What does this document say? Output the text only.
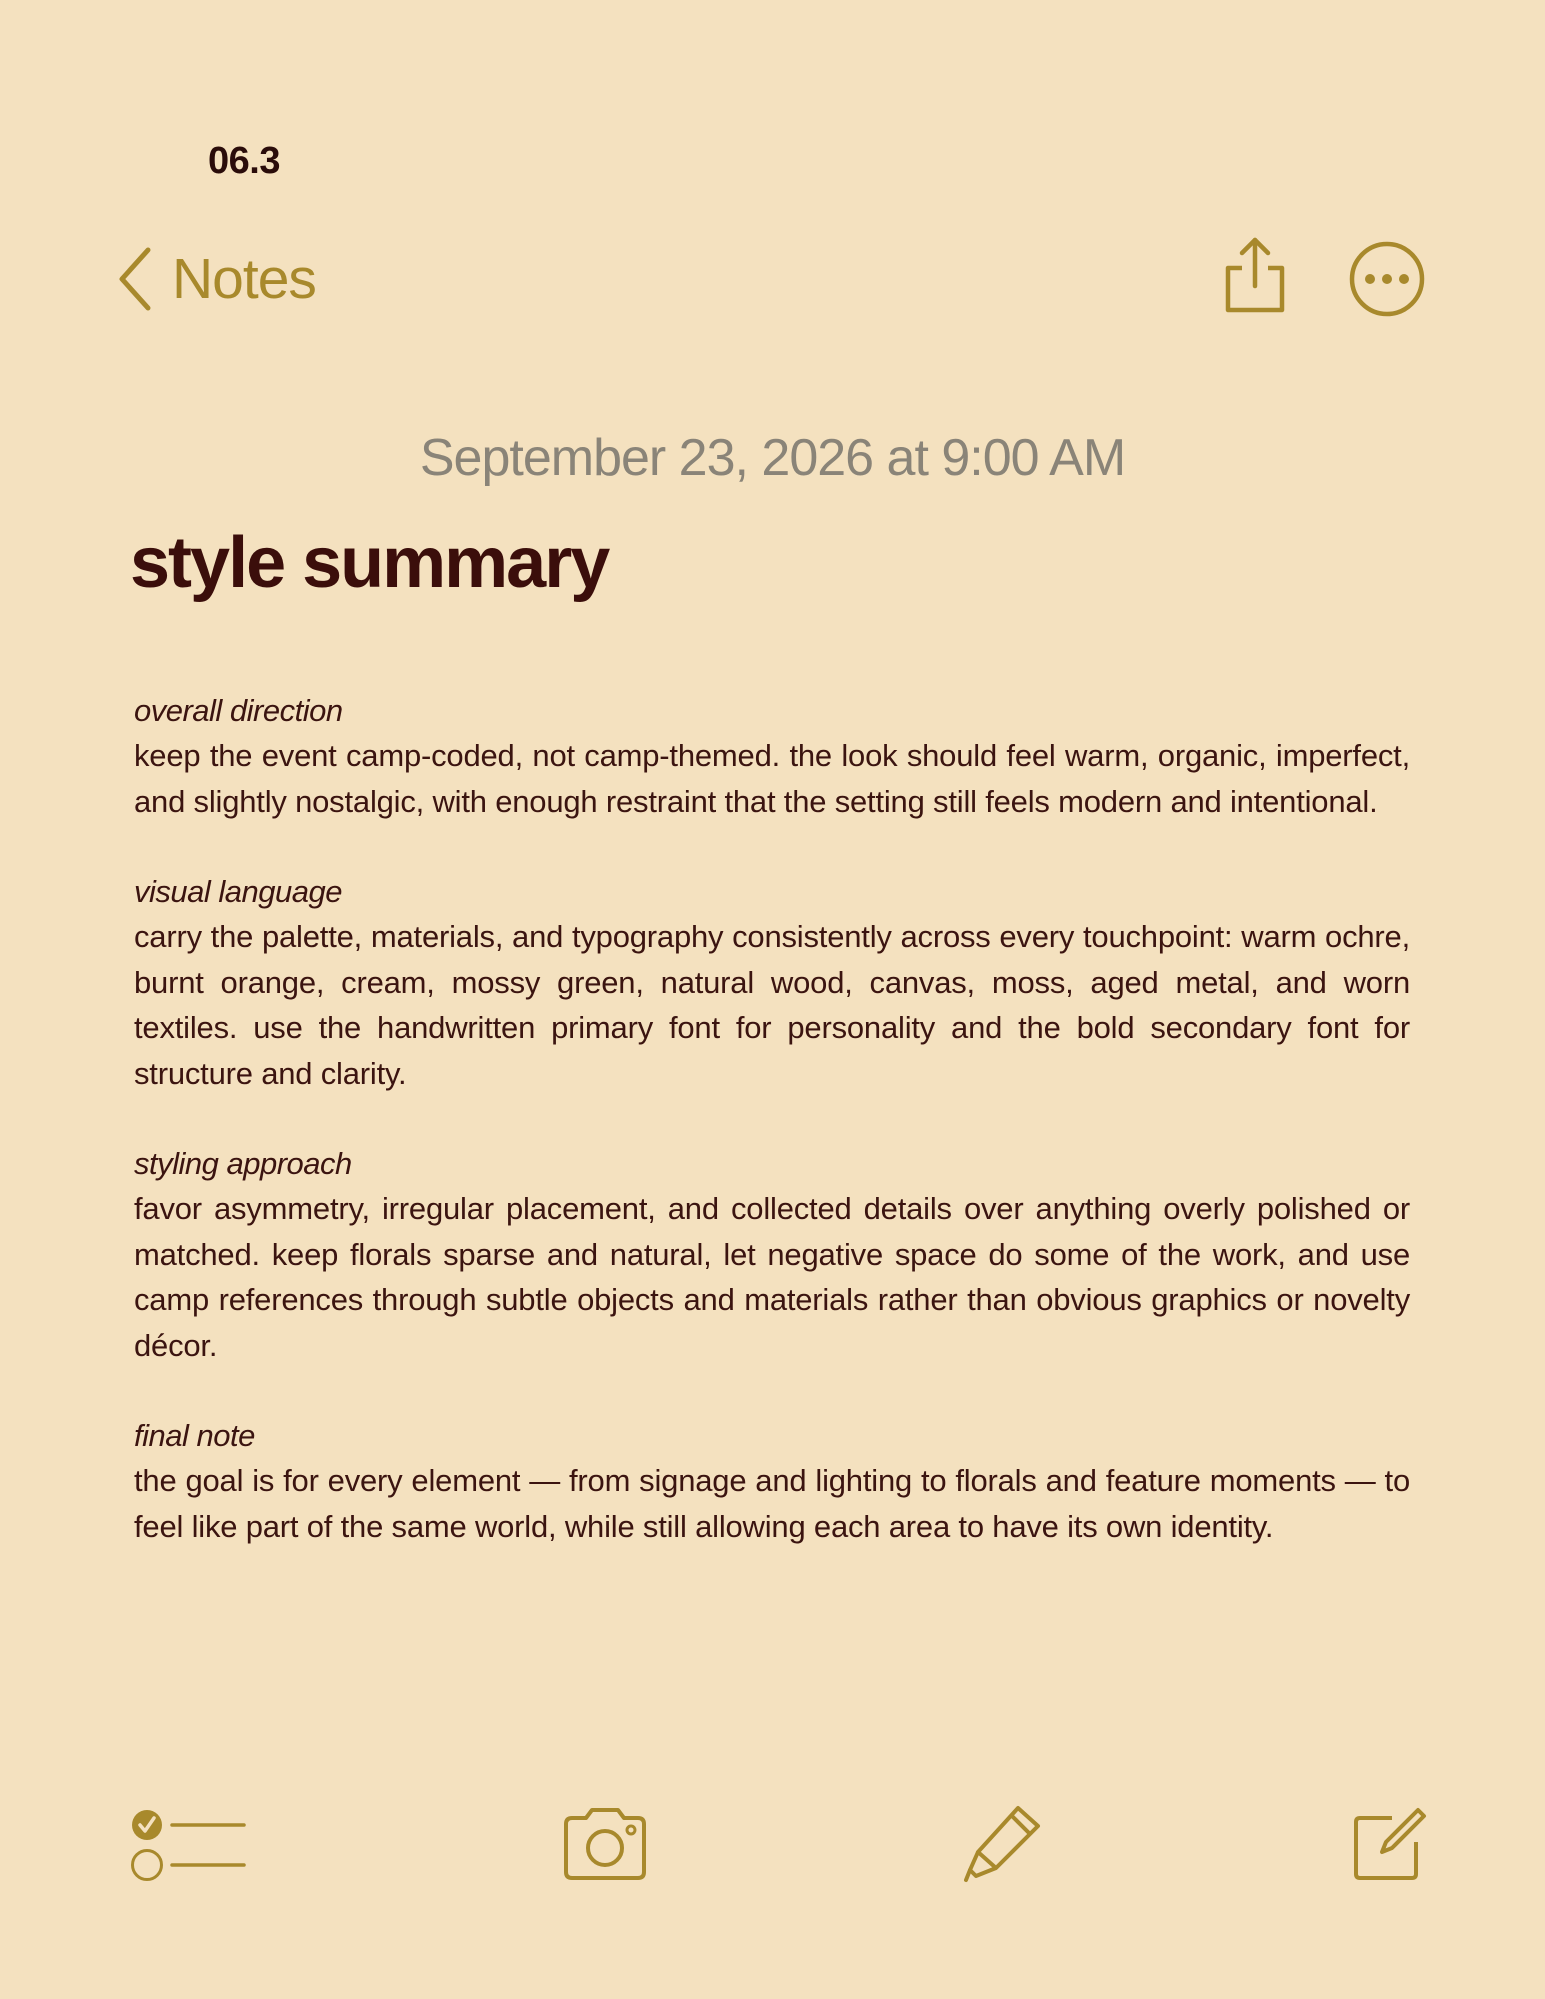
06.3
Notes
September 23, 2026 at 9:00 AM
style summary
overall direction
keep the event camp-coded, not camp-themed. the look should feel warm, organic, imperfect, and slightly nostalgic, with enough restraint that the setting still feels modern and intentional.
visual language
carry the palette, materials, and typography consistently across every touchpoint: warm ochre, burnt orange, cream, mossy green, natural wood, canvas, moss, aged metal, and worn textiles. use the handwritten primary font for personality and the bold secondary font for structure and clarity.
styling approach
favor asymmetry, irregular placement, and collected details over anything overly polished or matched. keep florals sparse and natural, let negative space do some of the work, and use camp references through subtle objects and materials rather than obvious graphics or novelty décor.
final note
the goal is for every element — from signage and lighting to florals and feature moments — to feel like part of the same world, while still allowing each area to have its own identity.
